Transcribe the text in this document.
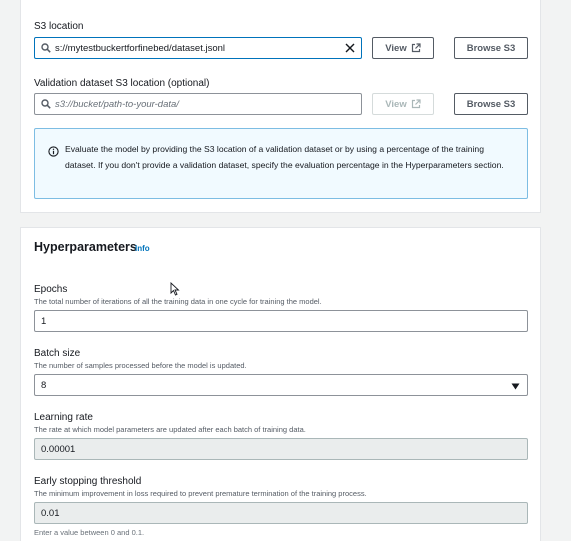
S3 location
s://mytestbuckertforfinebed/dataset.jsonl	View	Browse S3
Validation dataset S3 location (optional)
s3://bucket/path-to-your-data/	View	Browse S3
Evaluate the model by providing the S3 location of a validation dataset or by using a percentage of the training dataset. If you don't provide a validation dataset, specify the evaluation percentage in the Hyperparameters section.
Hyperparameters
Info
Epochs
The total number of iterations of all the training data in one cycle for training the model.
1
Batch size
The number of samples processed before the model is updated.
8
Learning rate
The rate at which model parameters are updated after each batch of training data.
0.00001
Early stopping threshold
The minimum improvement in loss required to prevent premature termination of the training process.
0.01
Enter a value between 0 and 0.1.
